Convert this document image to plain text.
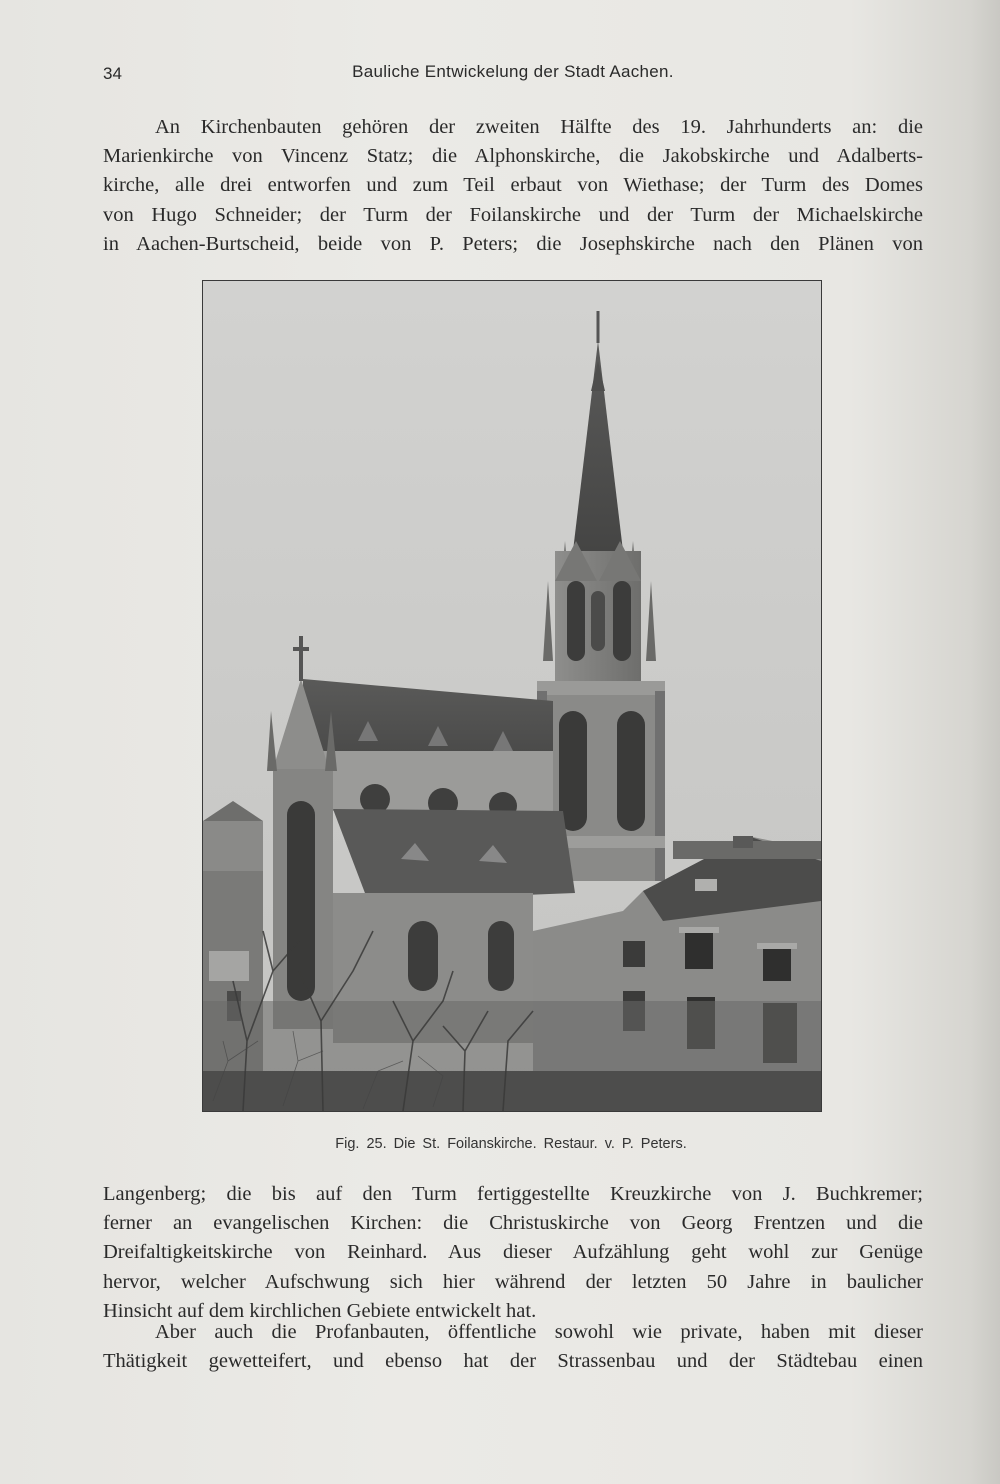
34	Bauliche Entwickelung der Stadt Aachen.
An Kirchenbauten gehören der zweiten Hälfte des 19. Jahrhunderts an: die
Marienkirche von Vincenz Statz; die Alphonskirche, die Jakobskirche und Adalberts-
kirche, alle drei entworfen und zum Teil erbaut von Wiethase; der Turm des Domes
von Hugo Schneider; der Turm der Foilanskirche und der Turm der Michaelskirche
in Aachen-Burtscheid, beide von P. Peters; die Josephskirche nach den Plänen von
Fig. 25. Die St. Foilanskirche. Restaur. v. P. Peters.
Langenberg; die bis auf den Turm fertiggestellte Kreuzkirche von J. Buchkremer;
ferner an evangelischen Kirchen: die Christuskirche von Georg Frentzen und die
Dreifaltigkeitskirche von Reinhard. Aus dieser Aufzählung geht wohl zur Genüge
hervor, welcher Aufschwung sich hier während der letzten 50 Jahre in baulicher
Hinsicht auf dem kirchlichen Gebiete entwickelt hat.
Aber auch die Profanbauten, öffentliche sowohl wie private, haben mit dieser
Thätigkeit gewetteifert, und ebenso hat der Strassenbau und der Städtebau einen
